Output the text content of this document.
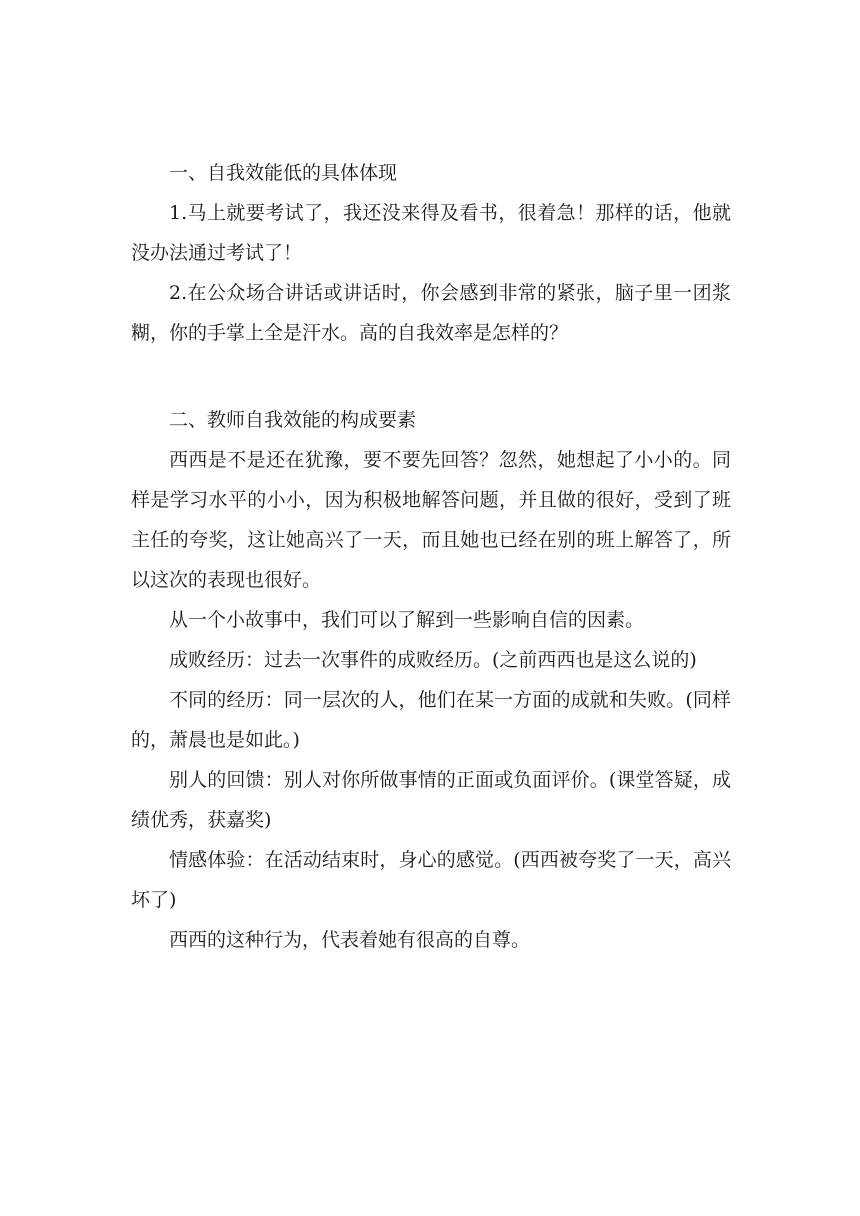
一、自我效能低的具体体现

1.马上就要考试了，我还没来得及看书，很着急！那样的话，他就没办法通过考试了！

2.在公众场合讲话或讲话时，你会感到非常的紧张，脑子里一团浆糊，你的手掌上全是汗水。高的自我效率是怎样的？

二、教师自我效能的构成要素

西西是不是还在犹豫，要不要先回答？忽然，她想起了小小的。同样是学习水平的小小，因为积极地解答问题，并且做的很好，受到了班主任的夸奖，这让她高兴了一天，而且她也已经在别的班上解答了，所以这次的表现也很好。

从一个小故事中，我们可以了解到一些影响自信的因素。

成败经历：过去一次事件的成败经历。(之前西西也是这么说的)

不同的经历：同一层次的人，他们在某一方面的成就和失败。(同样的，萧晨也是如此。)

别人的回馈：别人对你所做事情的正面或负面评价。(课堂答疑，成绩优秀，获嘉奖)

情感体验：在活动结束时，身心的感觉。(西西被夸奖了一天，高兴坏了)

西西的这种行为，代表着她有很高的自尊。
